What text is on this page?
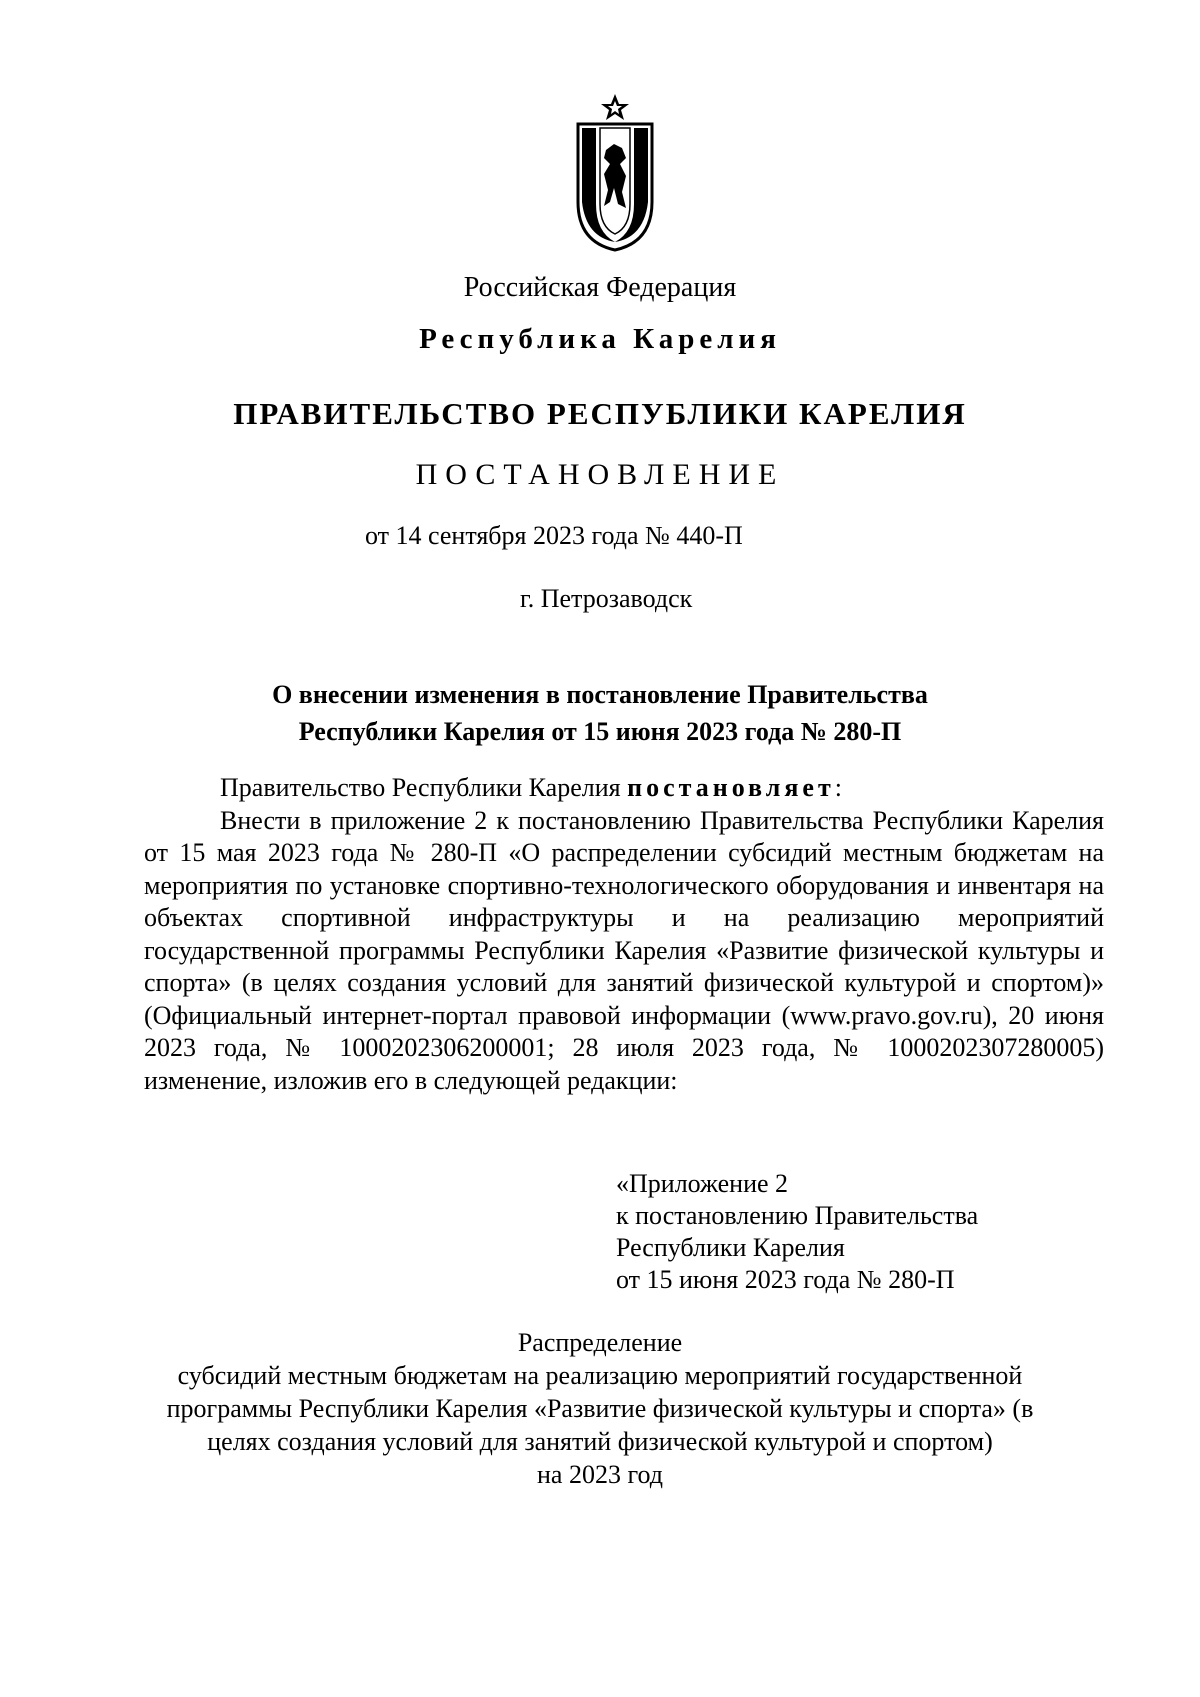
Российская Федерация
Республика Карелия
ПРАВИТЕЛЬСТВО РЕСПУБЛИКИ КАРЕЛИЯ
ПОСТАНОВЛЕНИЕ
от 14 сентября 2023 года № 440-П
г. Петрозаводск
О внесении изменения в постановление Правительства
Республики Карелия от 15 июня 2023 года № 280-П

Правительство Республики Карелия постановляет:

Внести в приложение 2 к постановлению Правительства Республики Карелия от 15 мая 2023 года № 280-П «О распределении субсидий местным бюджетам на мероприятия по установке спортивно-технологического оборудования и инвентаря на объектах спортивной инфраструктуры и на реализацию мероприятий государственной программы Республики Карелия «Развитие физической культуры и спорта» (в целях создания условий для занятий физической культурой и спортом)» (Официальный интернет-портал правовой информации (www.pravo.gov.ru), 20 июня 2023 года, № 1000202306200001; 28 июля 2023 года, № 1000202307280005) изменение, изложив его в следующей редакции:

«Приложение 2
к постановлению Правительства
Республики Карелия
от 15 июня 2023 года № 280-П
Распределение
субсидий местным бюджетам на реализацию мероприятий государственной
программы Республики Карелия «Развитие физической культуры и спорта» (в
целях создания условий для занятий физической культурой и спортом)
на 2023 год
